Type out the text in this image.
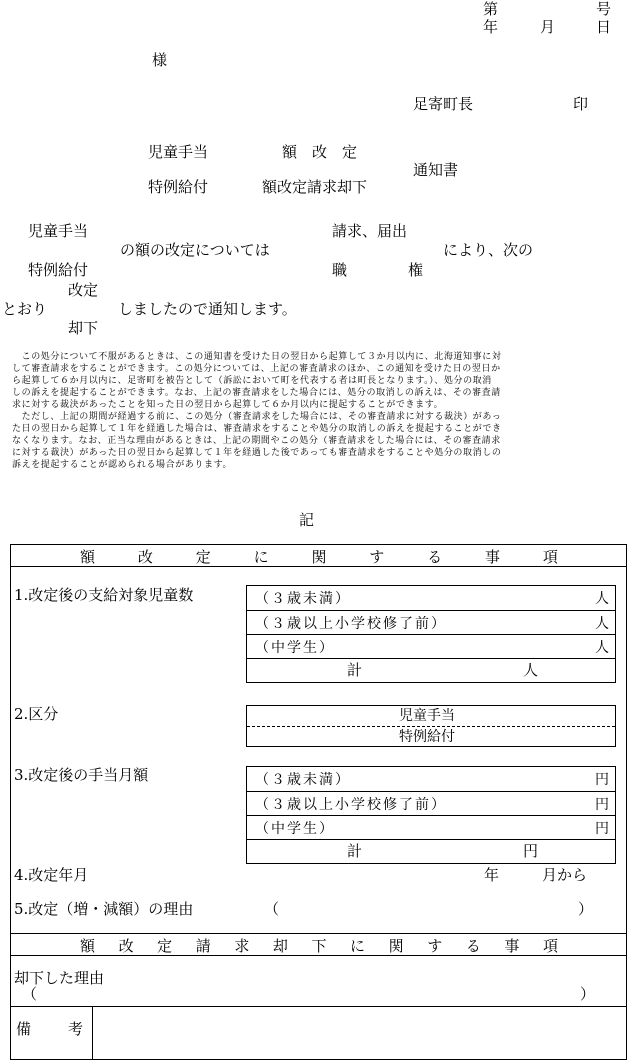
第	号
年	月	日
様
足寄町長	印
児童手当	額　改　定
通知書
特例給付	額改定請求却下
児童手当	請求、届出
の額の改定については	により、次の
特例給付	職	権
改定
とおり	しましたので通知します。
却下
　この処分について不服があるときは、この通知書を受けた日の翌日から起算して３か月以内に、北海道知事に対
して審査請求をすることができます。この処分については、上記の審査請求のほか、この通知を受けた日の翌日か
ら起算して６か月以内に、足寄町を被告として（訴訟において町を代表する者は町長となります。）、処分の取消
しの訴えを提起することができます。なお、上記の審査請求をした場合には、処分の取消しの訴えは、その審査請
求に対する裁決があったことを知った日の翌日から起算して６か月以内に提起することができます。
　ただし、上記の期間が経過する前に、この処分（審査請求をした場合には、その審査請求に対する裁決）があっ
た日の翌日から起算して１年を経過した場合は、審査請求をすることや処分の取消しの訴えを提起することができ
なくなります。なお、正当な理由があるときは、上記の期間やこの処分（審査請求をした場合には、その審査請求
に対する裁決）があった日の翌日から起算して１年を経過した後であっても審査請求をすることや処分の取消しの
訴えを提起することが認められる場合があります。
記
額	改	定	に	関	す	る	事	項
1.改定後の支給対象児童数	（３歳未満）	人
（３歳以上小学校修了前）	人
（中学生）	人
計	人
2.区分	児童手当
特例給付
3.改定後の手当月額	（３歳未満）	円
（３歳以上小学校修了前）	円
（中学生）	円
計	円
4.改定年月	年	月から
5.改定（増・減額）の理由	（	）
額 改 定 請 求 却 下 に 関 す る 事 項
却下した理由
（	）
備 考
